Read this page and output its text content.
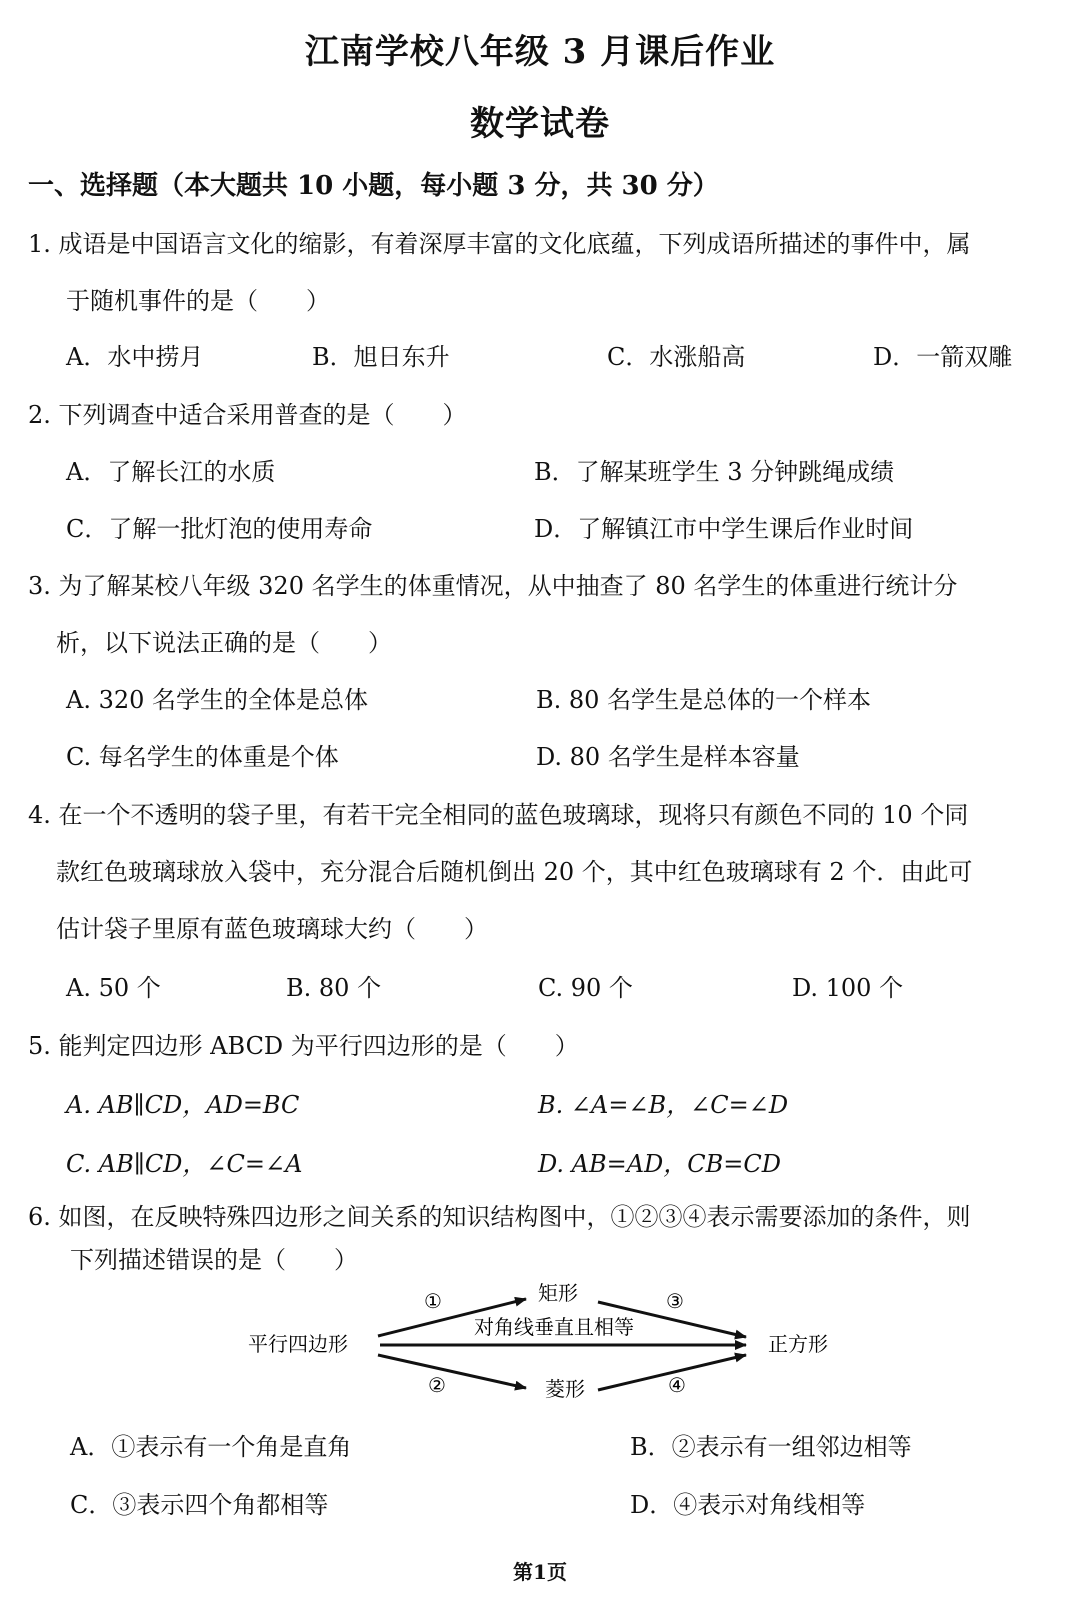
江南学校八年级 3 月课后作业
数学试卷
一、选择题（本大题共 10 小题，每小题 3 分，共 30 分）
1. 成语是中国语言文化的缩影，有着深厚丰富的文化底蕴，下列成语所描述的事件中，属
于随机事件的是（　　）
A．水中捞月	B．旭日东升	C．水涨船高	D．一箭双雕
2. 下列调查中适合采用普查的是（　　）
A．了解长江的水质	B．了解某班学生 3 分钟跳绳成绩
C．了解一批灯泡的使用寿命	D．了解镇江市中学生课后作业时间
3. 为了解某校八年级 320 名学生的体重情况，从中抽查了 80 名学生的体重进行统计分
析，以下说法正确的是（　　）
A. 320 名学生的全体是总体	B. 80 名学生是总体的一个样本
C. 每名学生的体重是个体	D. 80 名学生是样本容量
4. 在一个不透明的袋子里，有若干完全相同的蓝色玻璃球，现将只有颜色不同的 10 个同
款红色玻璃球放入袋中，充分混合后随机倒出 20 个，其中红色玻璃球有 2 个．由此可
估计袋子里原有蓝色玻璃球大约（　　）
A. 50 个	B. 80 个	C. 90 个	D. 100 个
5. 能判定四边形 ABCD 为平行四边形的是（　　）
A. AB∥CD，AD=BC	B. ∠A=∠B，∠C=∠D
C. AB∥CD，∠C=∠A	D. AB=AD，CB=CD
6. 如图，在反映特殊四边形之间关系的知识结构图中，①②③④表示需要添加的条件，则
下列描述错误的是（　　）
平行四边形
矩形
菱形
正方形
对角线垂直且相等
①
②
③
④
A．①表示有一个角是直角	B．②表示有一组邻边相等
C．③表示四个角都相等	D．④表示对角线相等
第1页
